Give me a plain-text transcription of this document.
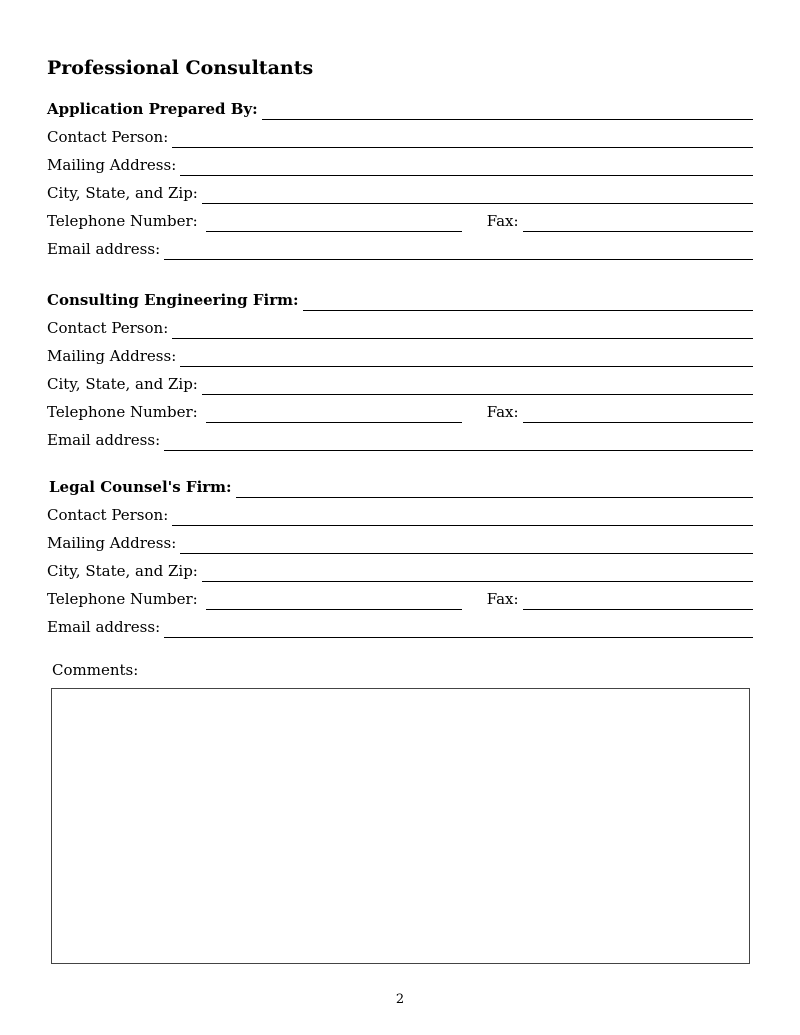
Professional Consultants
Application Prepared By:
Contact Person:
Mailing Address:
City, State, and Zip:
Telephone Number:	Fax:
Email address:
Consulting Engineering Firm:
Contact Person:
Mailing Address:
City, State, and Zip:
Telephone Number:	Fax:
Email address:
Legal Counsel's Firm:
Contact Person:
Mailing Address:
City, State, and Zip:
Telephone Number:	Fax:
Email address:
Comments:
2
